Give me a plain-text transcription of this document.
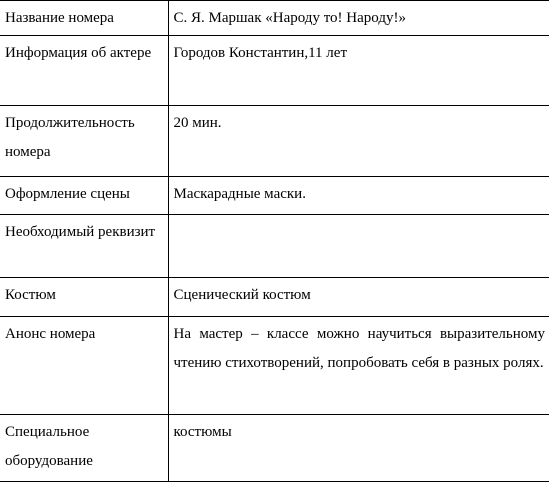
Название номера	С. Я. Маршак «Народу то! Народу!»

Информация об актере	Городов Константин,11 лет

Продолжительность номера	20 мин.

Оформление сцены	Маскарадные маски.

Необходимый реквизит	

Костюм	Сценический костюм

Анонс номера	На мастер – классе можно научиться выразительному чтению стихотворений, попробовать себя в разных ролях.

Специальное оборудование	костюмы
